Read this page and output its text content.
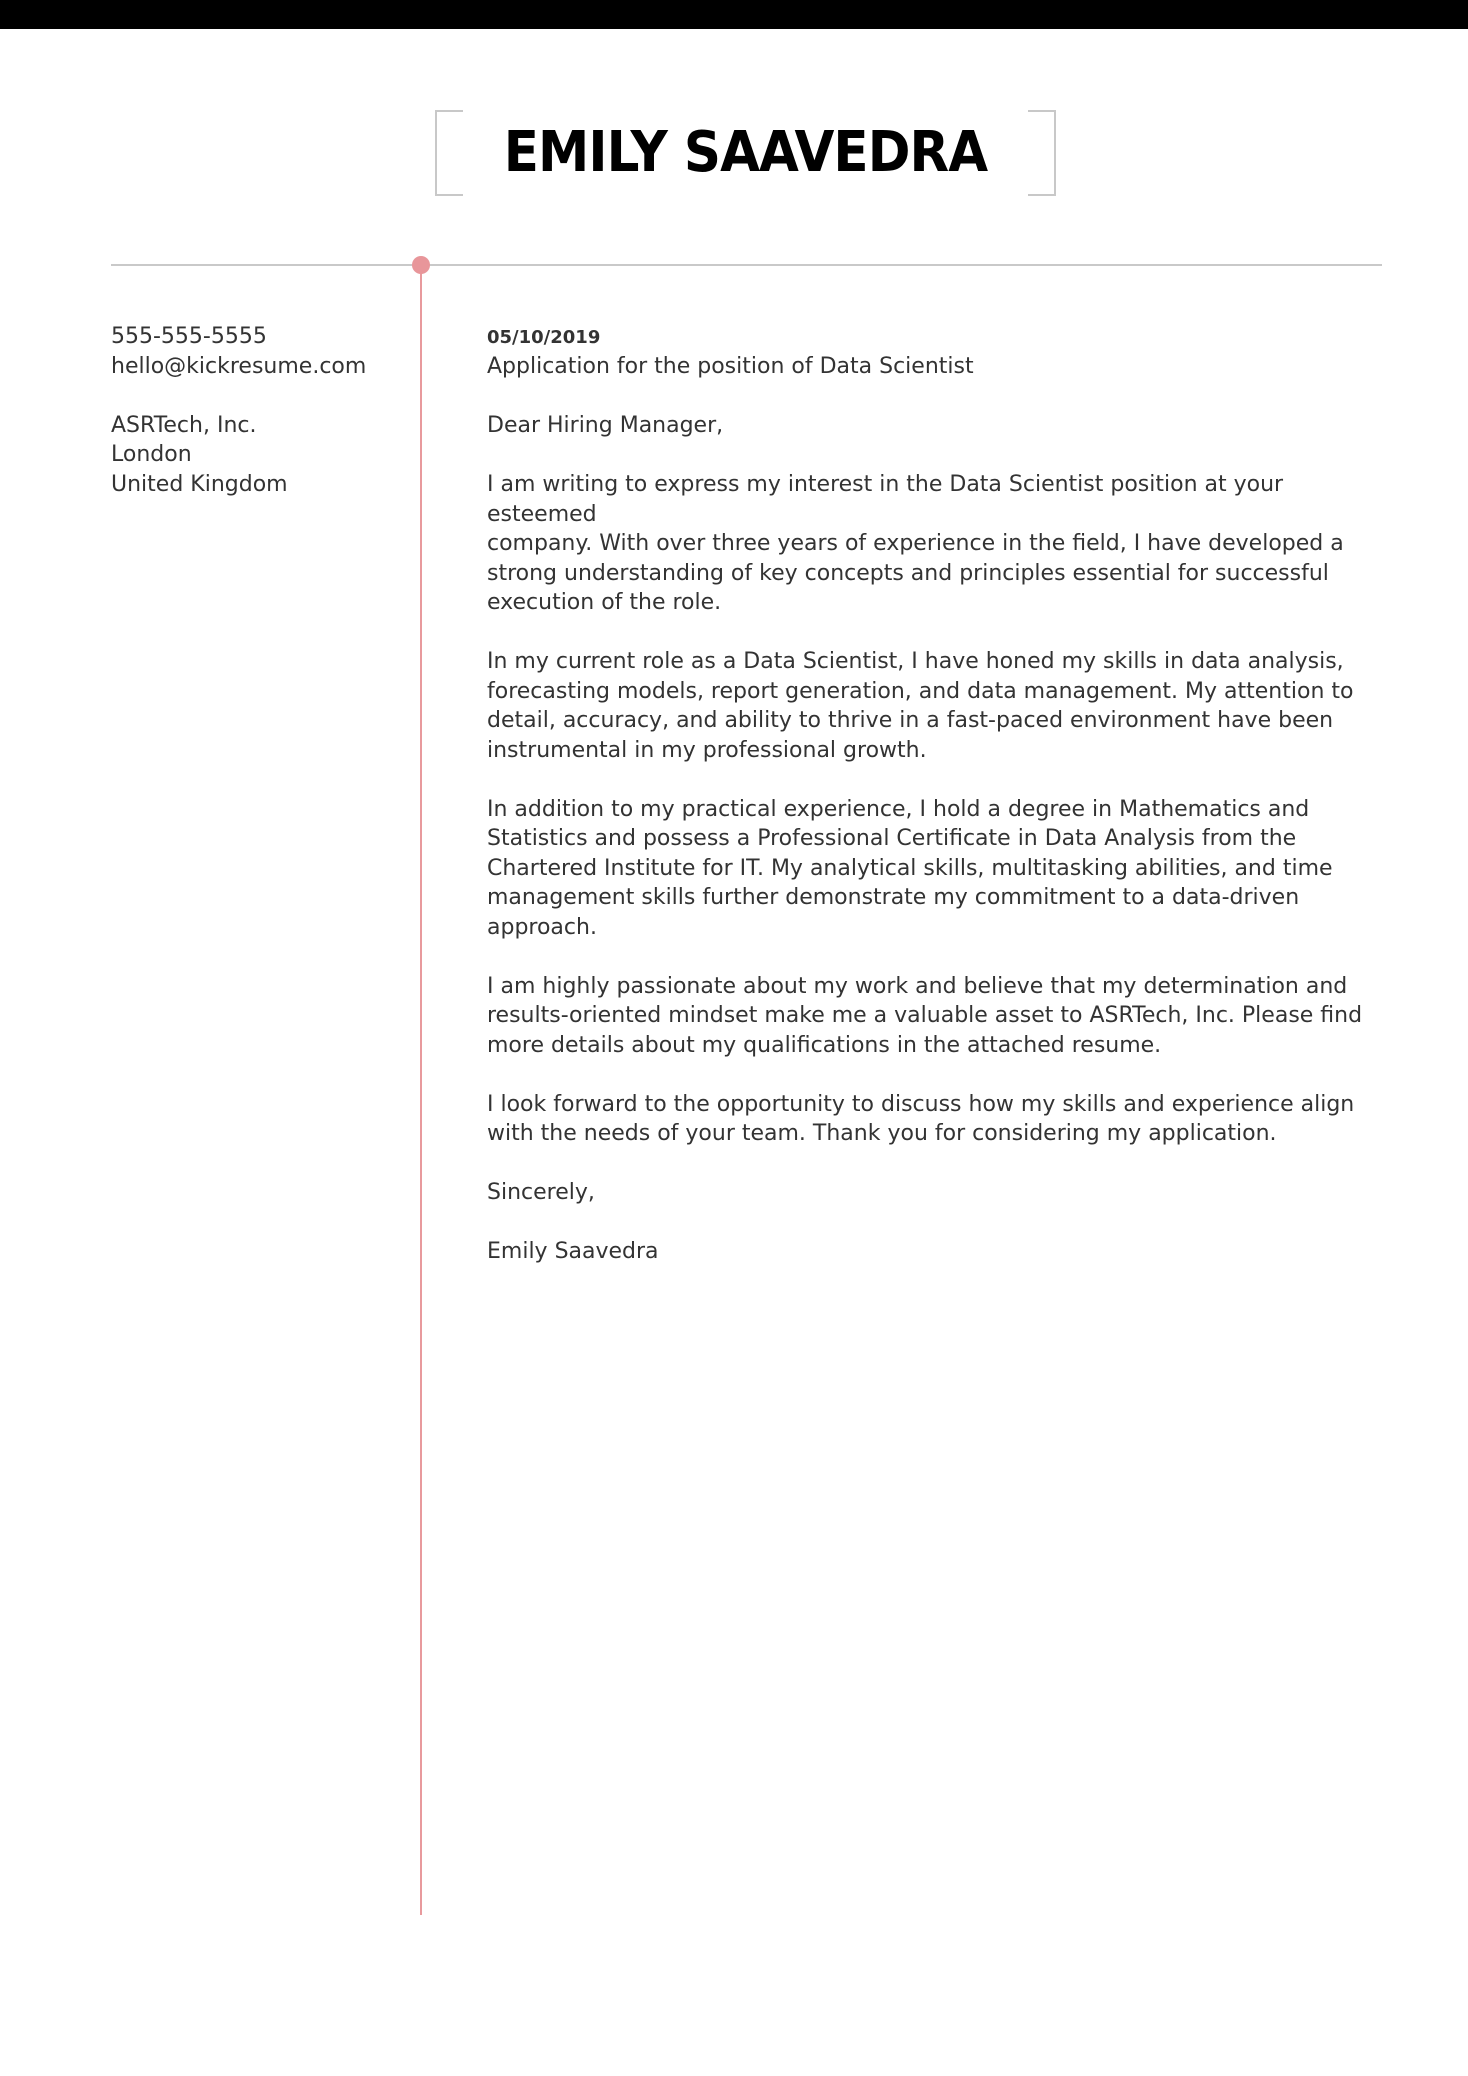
EMILY SAAVEDRA
555-555-5555
hello@kickresume.com
ASRTech, Inc.
London
United Kingdom
05/10/2019
Application for the position of Data Scientist

Dear Hiring Manager,

I am writing to express my interest in the Data Scientist position at your esteemed
company. With over three years of experience in the field, I have developed a
strong understanding of key concepts and principles essential for successful
execution of the role.

In my current role as a Data Scientist, I have honed my skills in data analysis,
forecasting models, report generation, and data management. My attention to
detail, accuracy, and ability to thrive in a fast-paced environment have been
instrumental in my professional growth.

In addition to my practical experience, I hold a degree in Mathematics and
Statistics and possess a Professional Certificate in Data Analysis from the
Chartered Institute for IT. My analytical skills, multitasking abilities, and time
management skills further demonstrate my commitment to a data-driven
approach.

I am highly passionate about my work and believe that my determination and
results-oriented mindset make me a valuable asset to ASRTech, Inc. Please find
more details about my qualifications in the attached resume.

I look forward to the opportunity to discuss how my skills and experience align
with the needs of your team. Thank you for considering my application.

Sincerely,

Emily Saavedra
